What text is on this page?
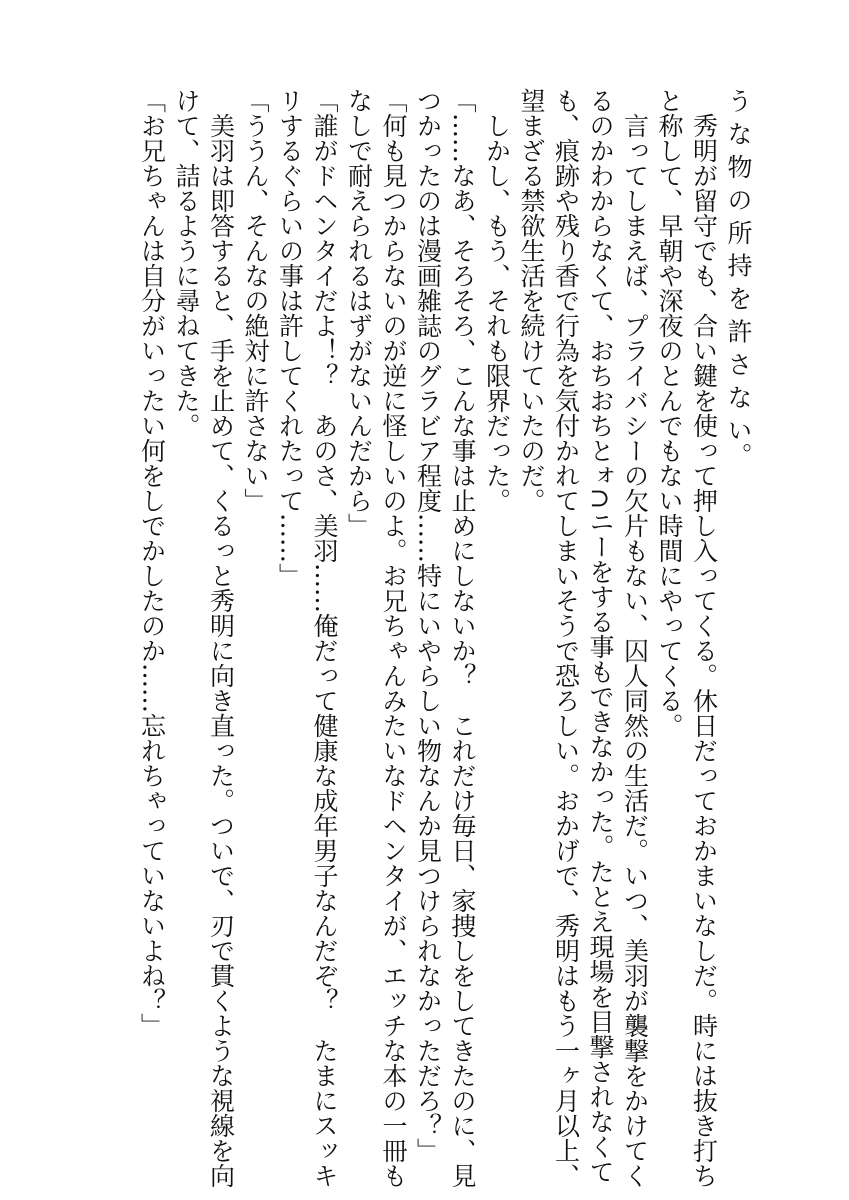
う な 物 の 所 持 を 許 さ な い。

秀明が留守でも、合い鍵を使って押し入ってくる。休日だっておかまいなしだ。時には抜き打ち

と称して、早朝や深夜のとんでもない時間にやってくる。

言ってしまえば、プライバシーの欠片もない、囚人同然の生活だ。いつ、美羽が襲撃をかけてく

るのかわからなくて、おちおちとォ∩ニーをする事もできなかった。たとえ現場を目撃されなくて

も、痕跡や残り香で行為を気付かれてしまいそうで恐ろしい。おかげで、秀明はもう一ヶ月以上、

望まざる禁欲生活を続けていたのだ。

しかし、もう、それも限界だった。

「……なあ、そろそろ、こんな事は止めにしないか？　これだけ毎日、家捜しをしてきたのに、見

つかったのは漫画雑誌のグラビア程度……特にいやらしい物なんか見つけられなかっただろ？」

「何も見つからないのが逆に怪しいのよ。お兄ちゃんみたいなドヘンタイが、エッチな本の一冊も

なしで耐えられるはずがないんだから」

「誰がドヘンタイだよ！？　あのさ、美羽……俺だって健康な成年男子なんだぞ？　たまにスッキ

リするぐらいの事は許してくれたって……」

「ううん、そんなの絶対に許さない」

美羽は即答すると、手を止めて、くるっと秀明に向き直った。ついで、刃で貫くような視線を向

けて、詰るように尋ねてきた。

「お兄ちゃんは自分がいったい何をしでかしたのか……忘れちゃっていないよね？」
